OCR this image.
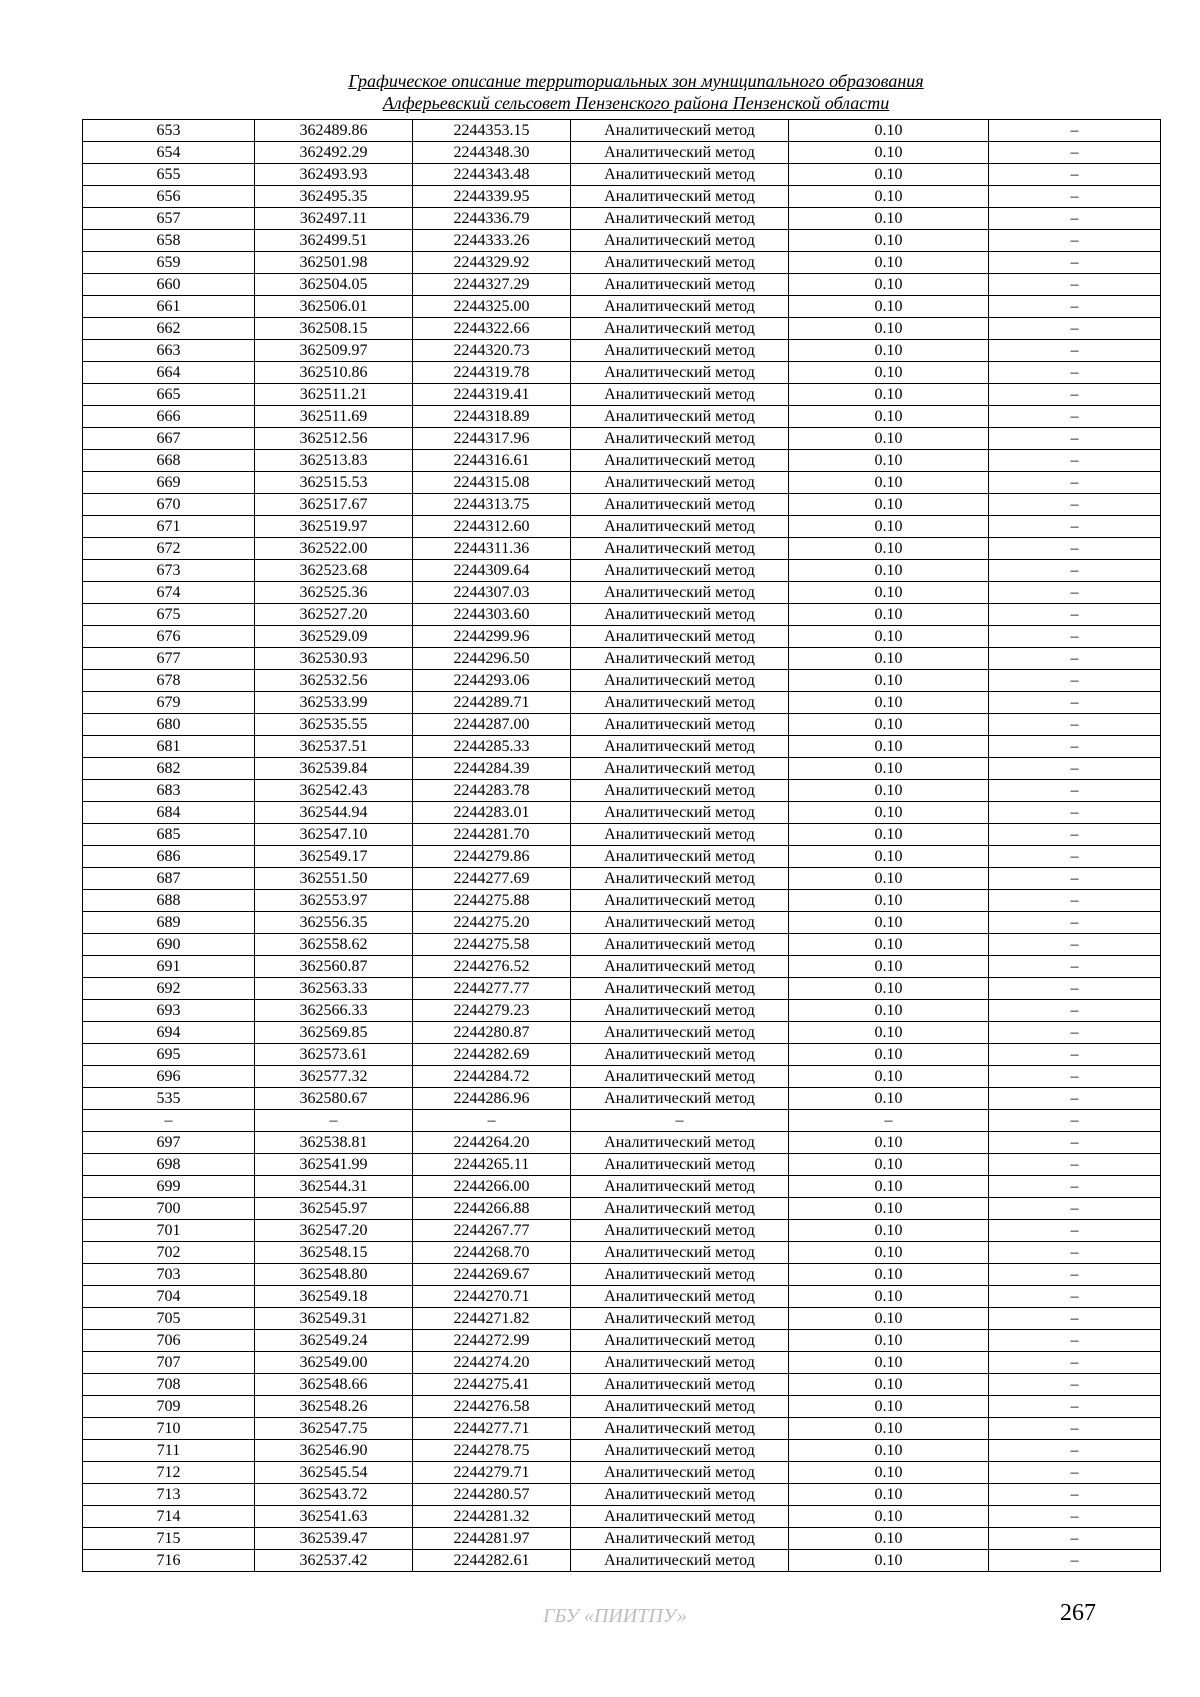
Графическое описание территориальных зон муниципального образования
Алферьевский сельсовет Пензенского района Пензенской области
653	362489.86	2244353.15	Аналитический метод	0.10	–
654	362492.29	2244348.30	Аналитический метод	0.10	–
655	362493.93	2244343.48	Аналитический метод	0.10	–
656	362495.35	2244339.95	Аналитический метод	0.10	–
657	362497.11	2244336.79	Аналитический метод	0.10	–
658	362499.51	2244333.26	Аналитический метод	0.10	–
659	362501.98	2244329.92	Аналитический метод	0.10	–
660	362504.05	2244327.29	Аналитический метод	0.10	–
661	362506.01	2244325.00	Аналитический метод	0.10	–
662	362508.15	2244322.66	Аналитический метод	0.10	–
663	362509.97	2244320.73	Аналитический метод	0.10	–
664	362510.86	2244319.78	Аналитический метод	0.10	–
665	362511.21	2244319.41	Аналитический метод	0.10	–
666	362511.69	2244318.89	Аналитический метод	0.10	–
667	362512.56	2244317.96	Аналитический метод	0.10	–
668	362513.83	2244316.61	Аналитический метод	0.10	–
669	362515.53	2244315.08	Аналитический метод	0.10	–
670	362517.67	2244313.75	Аналитический метод	0.10	–
671	362519.97	2244312.60	Аналитический метод	0.10	–
672	362522.00	2244311.36	Аналитический метод	0.10	–
673	362523.68	2244309.64	Аналитический метод	0.10	–
674	362525.36	2244307.03	Аналитический метод	0.10	–
675	362527.20	2244303.60	Аналитический метод	0.10	–
676	362529.09	2244299.96	Аналитический метод	0.10	–
677	362530.93	2244296.50	Аналитический метод	0.10	–
678	362532.56	2244293.06	Аналитический метод	0.10	–
679	362533.99	2244289.71	Аналитический метод	0.10	–
680	362535.55	2244287.00	Аналитический метод	0.10	–
681	362537.51	2244285.33	Аналитический метод	0.10	–
682	362539.84	2244284.39	Аналитический метод	0.10	–
683	362542.43	2244283.78	Аналитический метод	0.10	–
684	362544.94	2244283.01	Аналитический метод	0.10	–
685	362547.10	2244281.70	Аналитический метод	0.10	–
686	362549.17	2244279.86	Аналитический метод	0.10	–
687	362551.50	2244277.69	Аналитический метод	0.10	–
688	362553.97	2244275.88	Аналитический метод	0.10	–
689	362556.35	2244275.20	Аналитический метод	0.10	–
690	362558.62	2244275.58	Аналитический метод	0.10	–
691	362560.87	2244276.52	Аналитический метод	0.10	–
692	362563.33	2244277.77	Аналитический метод	0.10	–
693	362566.33	2244279.23	Аналитический метод	0.10	–
694	362569.85	2244280.87	Аналитический метод	0.10	–
695	362573.61	2244282.69	Аналитический метод	0.10	–
696	362577.32	2244284.72	Аналитический метод	0.10	–
535	362580.67	2244286.96	Аналитический метод	0.10	–
–	–	–	–	–	–
697	362538.81	2244264.20	Аналитический метод	0.10	–
698	362541.99	2244265.11	Аналитический метод	0.10	–
699	362544.31	2244266.00	Аналитический метод	0.10	–
700	362545.97	2244266.88	Аналитический метод	0.10	–
701	362547.20	2244267.77	Аналитический метод	0.10	–
702	362548.15	2244268.70	Аналитический метод	0.10	–
703	362548.80	2244269.67	Аналитический метод	0.10	–
704	362549.18	2244270.71	Аналитический метод	0.10	–
705	362549.31	2244271.82	Аналитический метод	0.10	–
706	362549.24	2244272.99	Аналитический метод	0.10	–
707	362549.00	2244274.20	Аналитический метод	0.10	–
708	362548.66	2244275.41	Аналитический метод	0.10	–
709	362548.26	2244276.58	Аналитический метод	0.10	–
710	362547.75	2244277.71	Аналитический метод	0.10	–
711	362546.90	2244278.75	Аналитический метод	0.10	–
712	362545.54	2244279.71	Аналитический метод	0.10	–
713	362543.72	2244280.57	Аналитический метод	0.10	–
714	362541.63	2244281.32	Аналитический метод	0.10	–
715	362539.47	2244281.97	Аналитический метод	0.10	–
716	362537.42	2244282.61	Аналитический метод	0.10	–
ГБУ «ПИИТПУ»	267
